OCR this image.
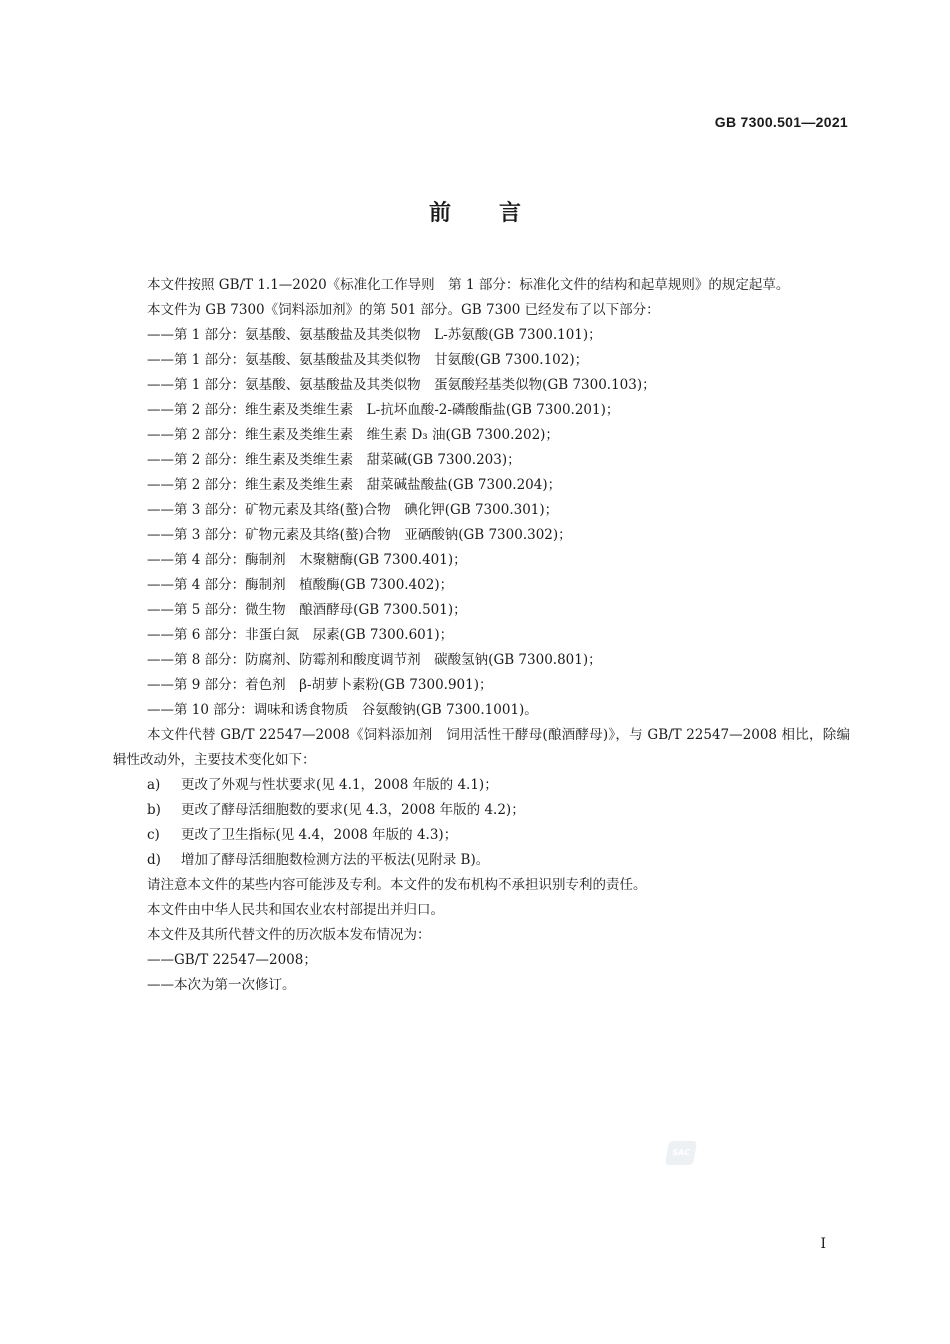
GB 7300.501—2021
前言

本文件按照 GB/T 1.1—2020《标准化工作导则　第 1 部分：标准化文件的结构和起草规则》的规定起草。

本文件为 GB 7300《饲料添加剂》的第 501 部分。GB 7300 已经发布了以下部分：

——第 1 部分：氨基酸、氨基酸盐及其类似物　L-苏氨酸(GB 7300.101)；

——第 1 部分：氨基酸、氨基酸盐及其类似物　甘氨酸(GB 7300.102)；

——第 1 部分：氨基酸、氨基酸盐及其类似物　蛋氨酸羟基类似物(GB 7300.103)；

——第 2 部分：维生素及类维生素　L-抗坏血酸-2-磷酸酯盐(GB 7300.201)；

——第 2 部分：维生素及类维生素　维生素 D₃ 油(GB 7300.202)；

——第 2 部分：维生素及类维生素　甜菜碱(GB 7300.203)；

——第 2 部分：维生素及类维生素　甜菜碱盐酸盐(GB 7300.204)；

——第 3 部分：矿物元素及其络(螯)合物　碘化钾(GB 7300.301)；

——第 3 部分：矿物元素及其络(螯)合物　亚硒酸钠(GB 7300.302)；

——第 4 部分：酶制剂　木聚糖酶(GB 7300.401)；

——第 4 部分：酶制剂　植酸酶(GB 7300.402)；

——第 5 部分：微生物　酿酒酵母(GB 7300.501)；

——第 6 部分：非蛋白氮　尿素(GB 7300.601)；

——第 8 部分：防腐剂、防霉剂和酸度调节剂　碳酸氢钠(GB 7300.801)；

——第 9 部分：着色剂　β-胡萝卜素粉(GB 7300.901)；

——第 10 部分：调味和诱食物质　谷氨酸钠(GB 7300.1001)。

本文件代替 GB/T 22547—2008《饲料添加剂　饲用活性干酵母(酿酒酵母)》，与 GB/T 22547—2008 相比，除编辑性改动外，主要技术变化如下：

a) 更改了外观与性状要求(见 4.1，2008 年版的 4.1)；

b) 更改了酵母活细胞数的要求(见 4.3，2008 年版的 4.2)；

c) 更改了卫生指标(见 4.4，2008 年版的 4.3)；

d) 增加了酵母活细胞数检测方法的平板法(见附录 B)。

请注意本文件的某些内容可能涉及专利。本文件的发布机构不承担识别专利的责任。

本文件由中华人民共和国农业农村部提出并归口。

本文件及其所代替文件的历次版本发布情况为：

——GB/T 22547—2008；

——本次为第一次修订。

SAC
I
